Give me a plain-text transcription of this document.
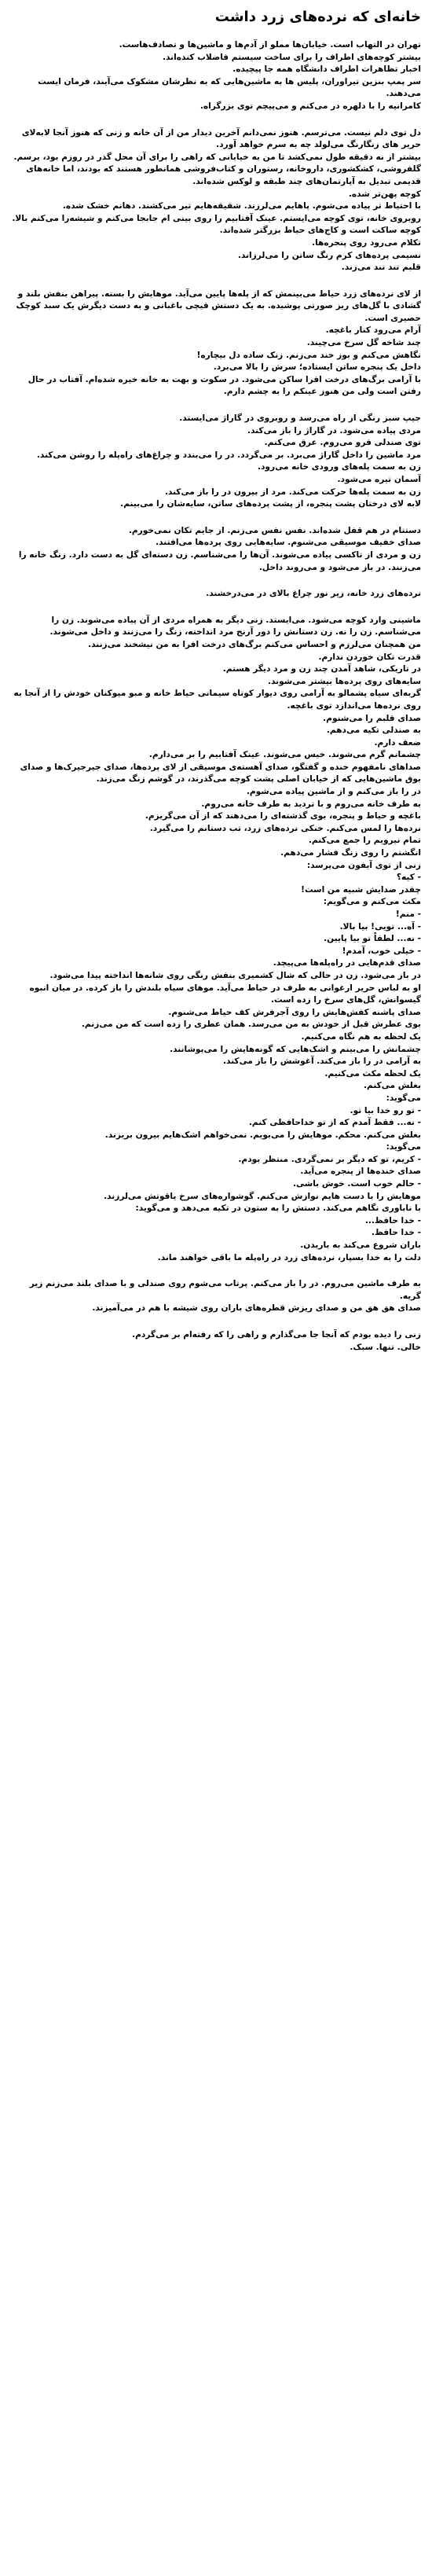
خانه‌ای که نرده‌های زرد داشت
تهران در التهاب است. خیابان‌ها مملو از آدم‌ها و ماشین‌ها و تصادف‌هاست.
بیشتر کوچه‌های اطراف را برای ساخت سیستم فاضلاب کنده‌اند.
اخبار تظاهرات اطراف دانشگاه همه جا پیچیده.
سر پمپ بنزین تیراوران، پلیس ها به ماشین‌هایی که به نظرشان مشکوک می‌آیند، فرمان ایست می‌دهند.
کامرانیه را با دلهره در می‌کنم و می‌پیچم توی بزرگراه.
دل توی دلم نیست. می‌ترسم. هنوز نمی‌دانم آخرین دیدار من از آن خانه و زنی که هنوز آنجا لابه‌لای حریر های زنگارنگ می‌لولد چه به سرم خواهد آورد.
بیشتر از نه دقیقه طول نمی‌کشد تا من به خیابانی که راهی را برای آن محل گذر در روزم بود، برسم.
گلفروشی، کشکشوری، داروخانه، رستوران و کتاب‌فروشی همانطور هستند که بودند، اما خانه‌های قدیمی تبدیل به آپارتمان‌های چند طبقه و لوکس شده‌اند.
کوچه پهن‌تر شده.
با احتیاط تر پیاده می‌شوم. پاهایم می‌لرزند. شقیقه‌هایم تیر می‌کشند. دهانم خشک شده.
روبروی خانه، توی کوچه می‌ایستم. عینک آفتابیم را روی بینی ام جابجا می‌کنم و شیشه‌را می‌کنم بالا.
کوچه ساکت است و کاج‌های حیاط بزرگتر شده‌اند.
تکلام می‌رود روی پنجره‌ها.
نسیمی پرده‌های کرم رنگ ساتن را می‌لرزاند.
قلبم تند تند می‌زند.
از لای نرده‌های زرد حیاط می‌بینمش که از پله‌ها پایین می‌آید. موهایش را بسته. پیراهن بنفش بلند و گشادی با گل‌های ریز صورتی پوشیده. به یک دستش قیچی باغبانی و به دست دیگرش یک سبد کوچک حصیری است.
آرام می‌رود کنار باغچه.
چند شاخه گل سرخ می‌چیند.
نگاهش می‌کنم و بوز خند می‌زنم. زنک ساده دل بیچاره!
داخل یک پنجره ساتن ایستاده؛ سرش را بالا می‌برد.
با آرامی برگ‌های درخت افرا ساکن می‌شود. در سکوت و بهت به خانه خیره شده‌ام. آفتاب در حال رفتن است ولی من هنوز عینکم را به چشم دارم.
جیپ سبز رنگی از راه می‌رسد و روبروی در گاراژ می‌ایستد.
مردی پیاده می‌شود. در گاراژ را باز می‌کند.
توی صندلی فرو می‌روم. عرق می‌کنم.
مرد ماشین را داخل گاراژ می‌برد. بر می‌گردد. در را می‌بندد و چراغ‌های راه‌پله را روشن می‌کند.
زن به سمت پله‌های ورودی خانه می‌رود.
آسمان تیره می‌شود.
زن به سمت پله‌ها حرکت می‌کند. مرد از بیرون در را باز می‌کند.
لابه لای درختان پشت پنجره، از پشت پرده‌های ساتن، سایه‌شان را می‌بینم.
دستتام در هم قفل شده‌اند. نفس نفس می‌زنم. از جایم تکان نمی‌خورم.
صدای خفیف موسیقی می‌شنوم. سایه‌هایی روی پرده‌ها می‌افتند.
زن و مردی از تاکسی پیاده می‌شوند. آن‌ها را می‌شناسم. زن دسته‌ای گل به دست دارد. زنگ خانه را می‌زنند. در باز می‌شود و می‌روند داخل.
نرده‌های زرد خانه، زیر نور چراغ بالای در می‌درخشند.
ماشینی وارد کوچه می‌شود. می‌ایستد. زنی دیگر به همراه مردی از آن پیاده می‌شوند. زن را می‌شناسم. زن را نه. زن دستانش را دور آرنج مرد انداخته، زنگ را می‌زنند و داخل می‌شوند.
من همچنان می‌لرزم و احساس می‌کنم برگ‌های درخت افرا به من نیشخند می‌زنند.
قدرت تکان خوردن ندارم.
در تاریکی، شاهد آمدن چند زن و مرد دیگر هستم.
سایه‌های روی پرده‌ها بیشتر می‌شوند.
گربه‌ای سیاه پشمالو به آرامی روی دیوار کوتاه سیمانی حیاط خانه و مبو میوکنان خودش را از آنجا به روی نرده‌ها می‌اندازد توی باغچه.
صدای قلبم را می‌شنوم.
به صندلی تکیه می‌دهم.
ضعف دارم.
چشمانم گرم می‌شوند. خیس می‌شوند. عینک آفتابیم را بر می‌دارم.
صداهای نامفهوم خنده و گفتگو، صدای آهسته‌ی موسیقی از لای پرده‌ها، صدای جیرجیرک‌ها و صدای بوق ماشین‌هایی که از خیابان اصلی پشت کوچه می‌گذرند، در گوشم زنگ می‌زند.
در را باز می‌کنم و از ماشین پیاده می‌شوم.
به طرف خانه می‌روم و با تردید به طرف خانه می‌روم.
باغچه و حیاط و پنجره، بوی گذشته‌ای را می‌دهند که از آن می‌گریزم.
نرده‌ها را لمس می‌کنم. خنکی نرده‌های زرد، تب دستانم را می‌گیرد.
تمام نیرویم را جمع می‌کنم.
انگشتم را روی زنگ فشار می‌دهم.
زنی از توی آیفون می‌پرسد:
- کیه؟
چقدر صدایش شبیه من است!
مکث می‌کنم و می‌گویم:
- منم!
- آه... تویی! بیا بالا.
- نه... لطفاً تو بیا پایین.
- خیلی خوب، آمدم!
صدای قدم‌هایی در راه‌پله‌ها می‌پیچد.
در باز می‌شود. زن در حالی که شال کشمیری بنفش رنگی روی شانه‌ها انداخته پیدا می‌شود.
او به لباس حریر ارغوانی به طرف در حیاط می‌آید. موهای سیاه بلندش را باز کرده. در میان انبوه گیسوانش، گل‌های سرخ را زده است.
صدای پاشنه کفش‌هایش را روی آجرفرش کف حیاط می‌شنوم.
بوی عطرش قبل از خودش به من می‌رسد. همان عطری را زده است که من می‌زنم.
یک لحظه به هم نگاه می‌کنیم.
چشمانش را می‌بینم و اشک‌هایی که گونه‌هایش را می‌پوشانند.
به آرامی در را باز می‌کند. آغوشش را باز می‌کند.
یک لحظه مکث می‌کنیم.
بغلش می‌کنم.
می‌گوید:
- تو رو خدا بیا تو.
- نه... فقط آمدم که از تو خداحافظی کنم.
بغلش می‌کنم. محکم. موهایش را می‌بویم. نمی‌خواهم اشک‌هایم بیرون بریزند.
می‌گوید:
- کریم، تو که دیگر بر نمی‌گردی. منتظر بودم.
صدای خنده‌ها از پنجره می‌آید.
- حالم خوب است. خوش باشی.
موهایش را با دست هایم نوازش می‌کنم. گوشواره‌های سرخ یاقوتش می‌لرزند.
با ناباوری نگاهم می‌کند. دستش را به ستون در تکیه می‌دهد و می‌گوید:
- خدا حافظ...
- خدا حافظ.
باران شروع می‌کند به باریدن.
دلت را به خدا بسپار، نرده‌های زرد در راه‌پله ما باقی خواهند ماند.
به طرف ماشین می‌روم. در را باز می‌کنم. پرتاب می‌شوم روی صندلی و با صدای بلند می‌زنم زیر گریه.
صدای هق هق من و صدای ریزش قطره‌های باران روی شیشه با هم در می‌آمیزند.
زنی را دیده بودم که آنجا جا می‌گذارم و راهی را که رفته‌ام بر می‌گردم.
خالی. تنها. سبک.
